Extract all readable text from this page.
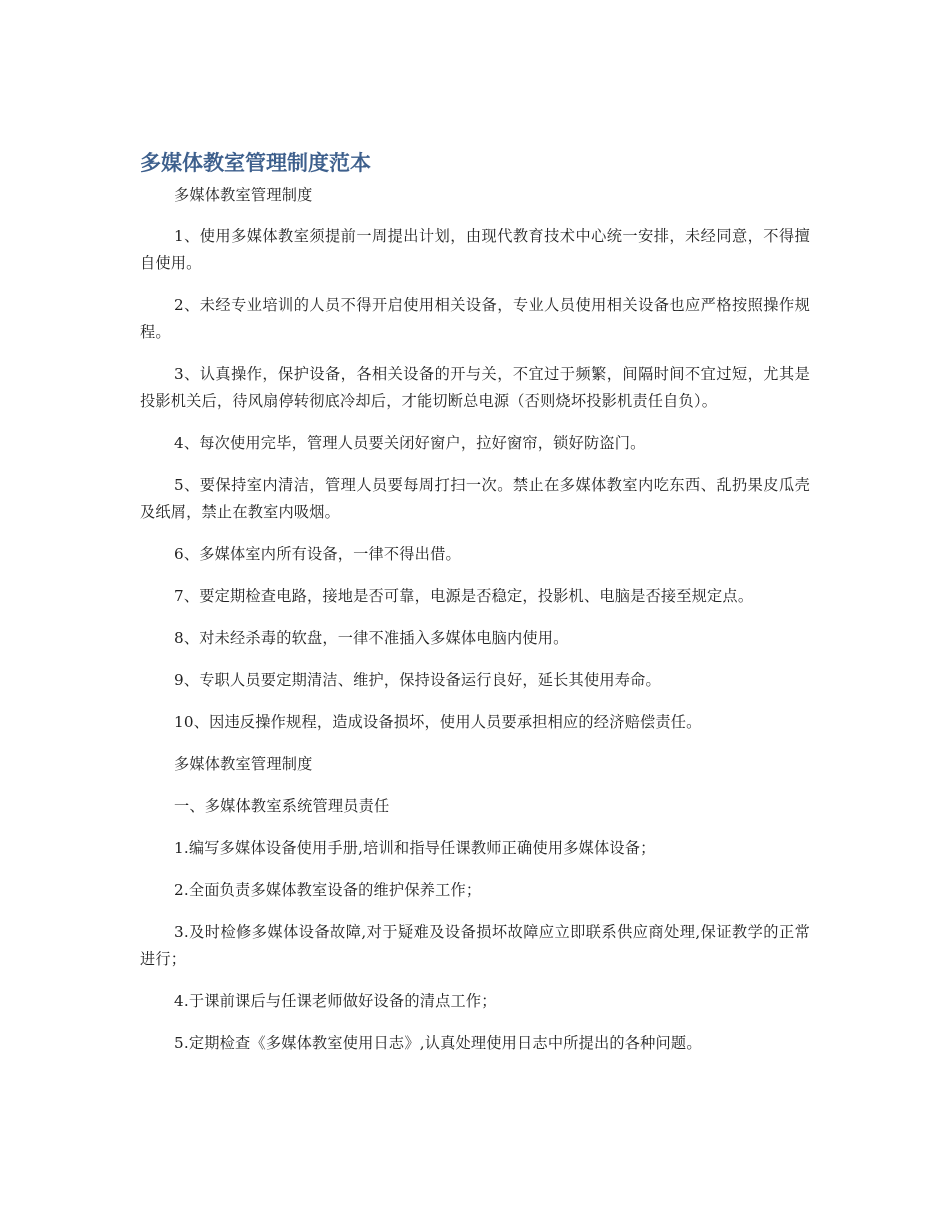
多媒体教室管理制度范本

多媒体教室管理制度

1、使用多媒体教室须提前一周提出计划，由现代教育技术中心统一安排，未经同意，不得擅自使用。

2、未经专业培训的人员不得开启使用相关设备，专业人员使用相关设备也应严格按照操作规程。

3、认真操作，保护设备，各相关设备的开与关，不宜过于频繁，间隔时间不宜过短，尤其是投影机关后，待风扇停转彻底冷却后，才能切断总电源（否则烧坏投影机责任自负）。

4、每次使用完毕，管理人员要关闭好窗户，拉好窗帘，锁好防盗门。

5、要保持室内清洁，管理人员要每周打扫一次。禁止在多媒体教室内吃东西、乱扔果皮瓜壳及纸屑，禁止在教室内吸烟。

6、多媒体室内所有设备，一律不得出借。

7、要定期检查电路，接地是否可靠，电源是否稳定，投影机、电脑是否接至规定点。

8、对未经杀毒的软盘，一律不准插入多媒体电脑内使用。

9、专职人员要定期清洁、维护，保持设备运行良好，延长其使用寿命。

10、因违反操作规程，造成设备损坏，使用人员要承担相应的经济赔偿责任。

多媒体教室管理制度

一、多媒体教室系统管理员责任

1.编写多媒体设备使用手册,培训和指导任课教师正确使用多媒体设备；

2.全面负责多媒体教室设备的维护保养工作；

3.及时检修多媒体设备故障,对于疑难及设备损坏故障应立即联系供应商处理,保证教学的正常进行；

4.于课前课后与任课老师做好设备的清点工作；

5.定期检查《多媒体教室使用日志》,认真处理使用日志中所提出的各种问题。
